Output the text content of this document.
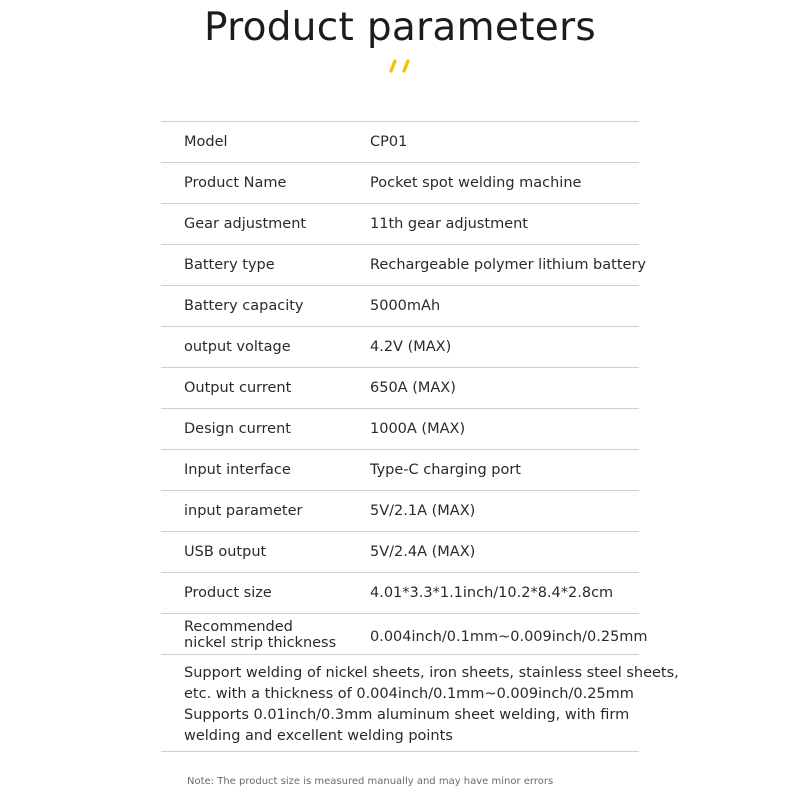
Product parameters
Model	CP01
Product Name	Pocket spot welding machine
Gear adjustment	11th gear adjustment
Battery type	Rechargeable polymer lithium battery
Battery capacity	5000mAh
output voltage	4.2V (MAX)
Output current	650A (MAX)
Design current	1000A (MAX)
Input interface	Type-C charging port
input parameter	5V/2.1A (MAX)
USB output	5V/2.4A (MAX)
Product size	4.01*3.3*1.1inch/10.2*8.4*2.8cm
Recommended
nickel strip thickness	0.004inch/0.1mm~0.009inch/0.25mm
Support welding of nickel sheets, iron sheets, stainless steel sheets,
etc. with a thickness of 0.004inch/0.1mm~0.009inch/0.25mm
Supports 0.01inch/0.3mm aluminum sheet welding, with firm
welding and excellent welding points
Note: The product size is measured manually and may have minor errors
